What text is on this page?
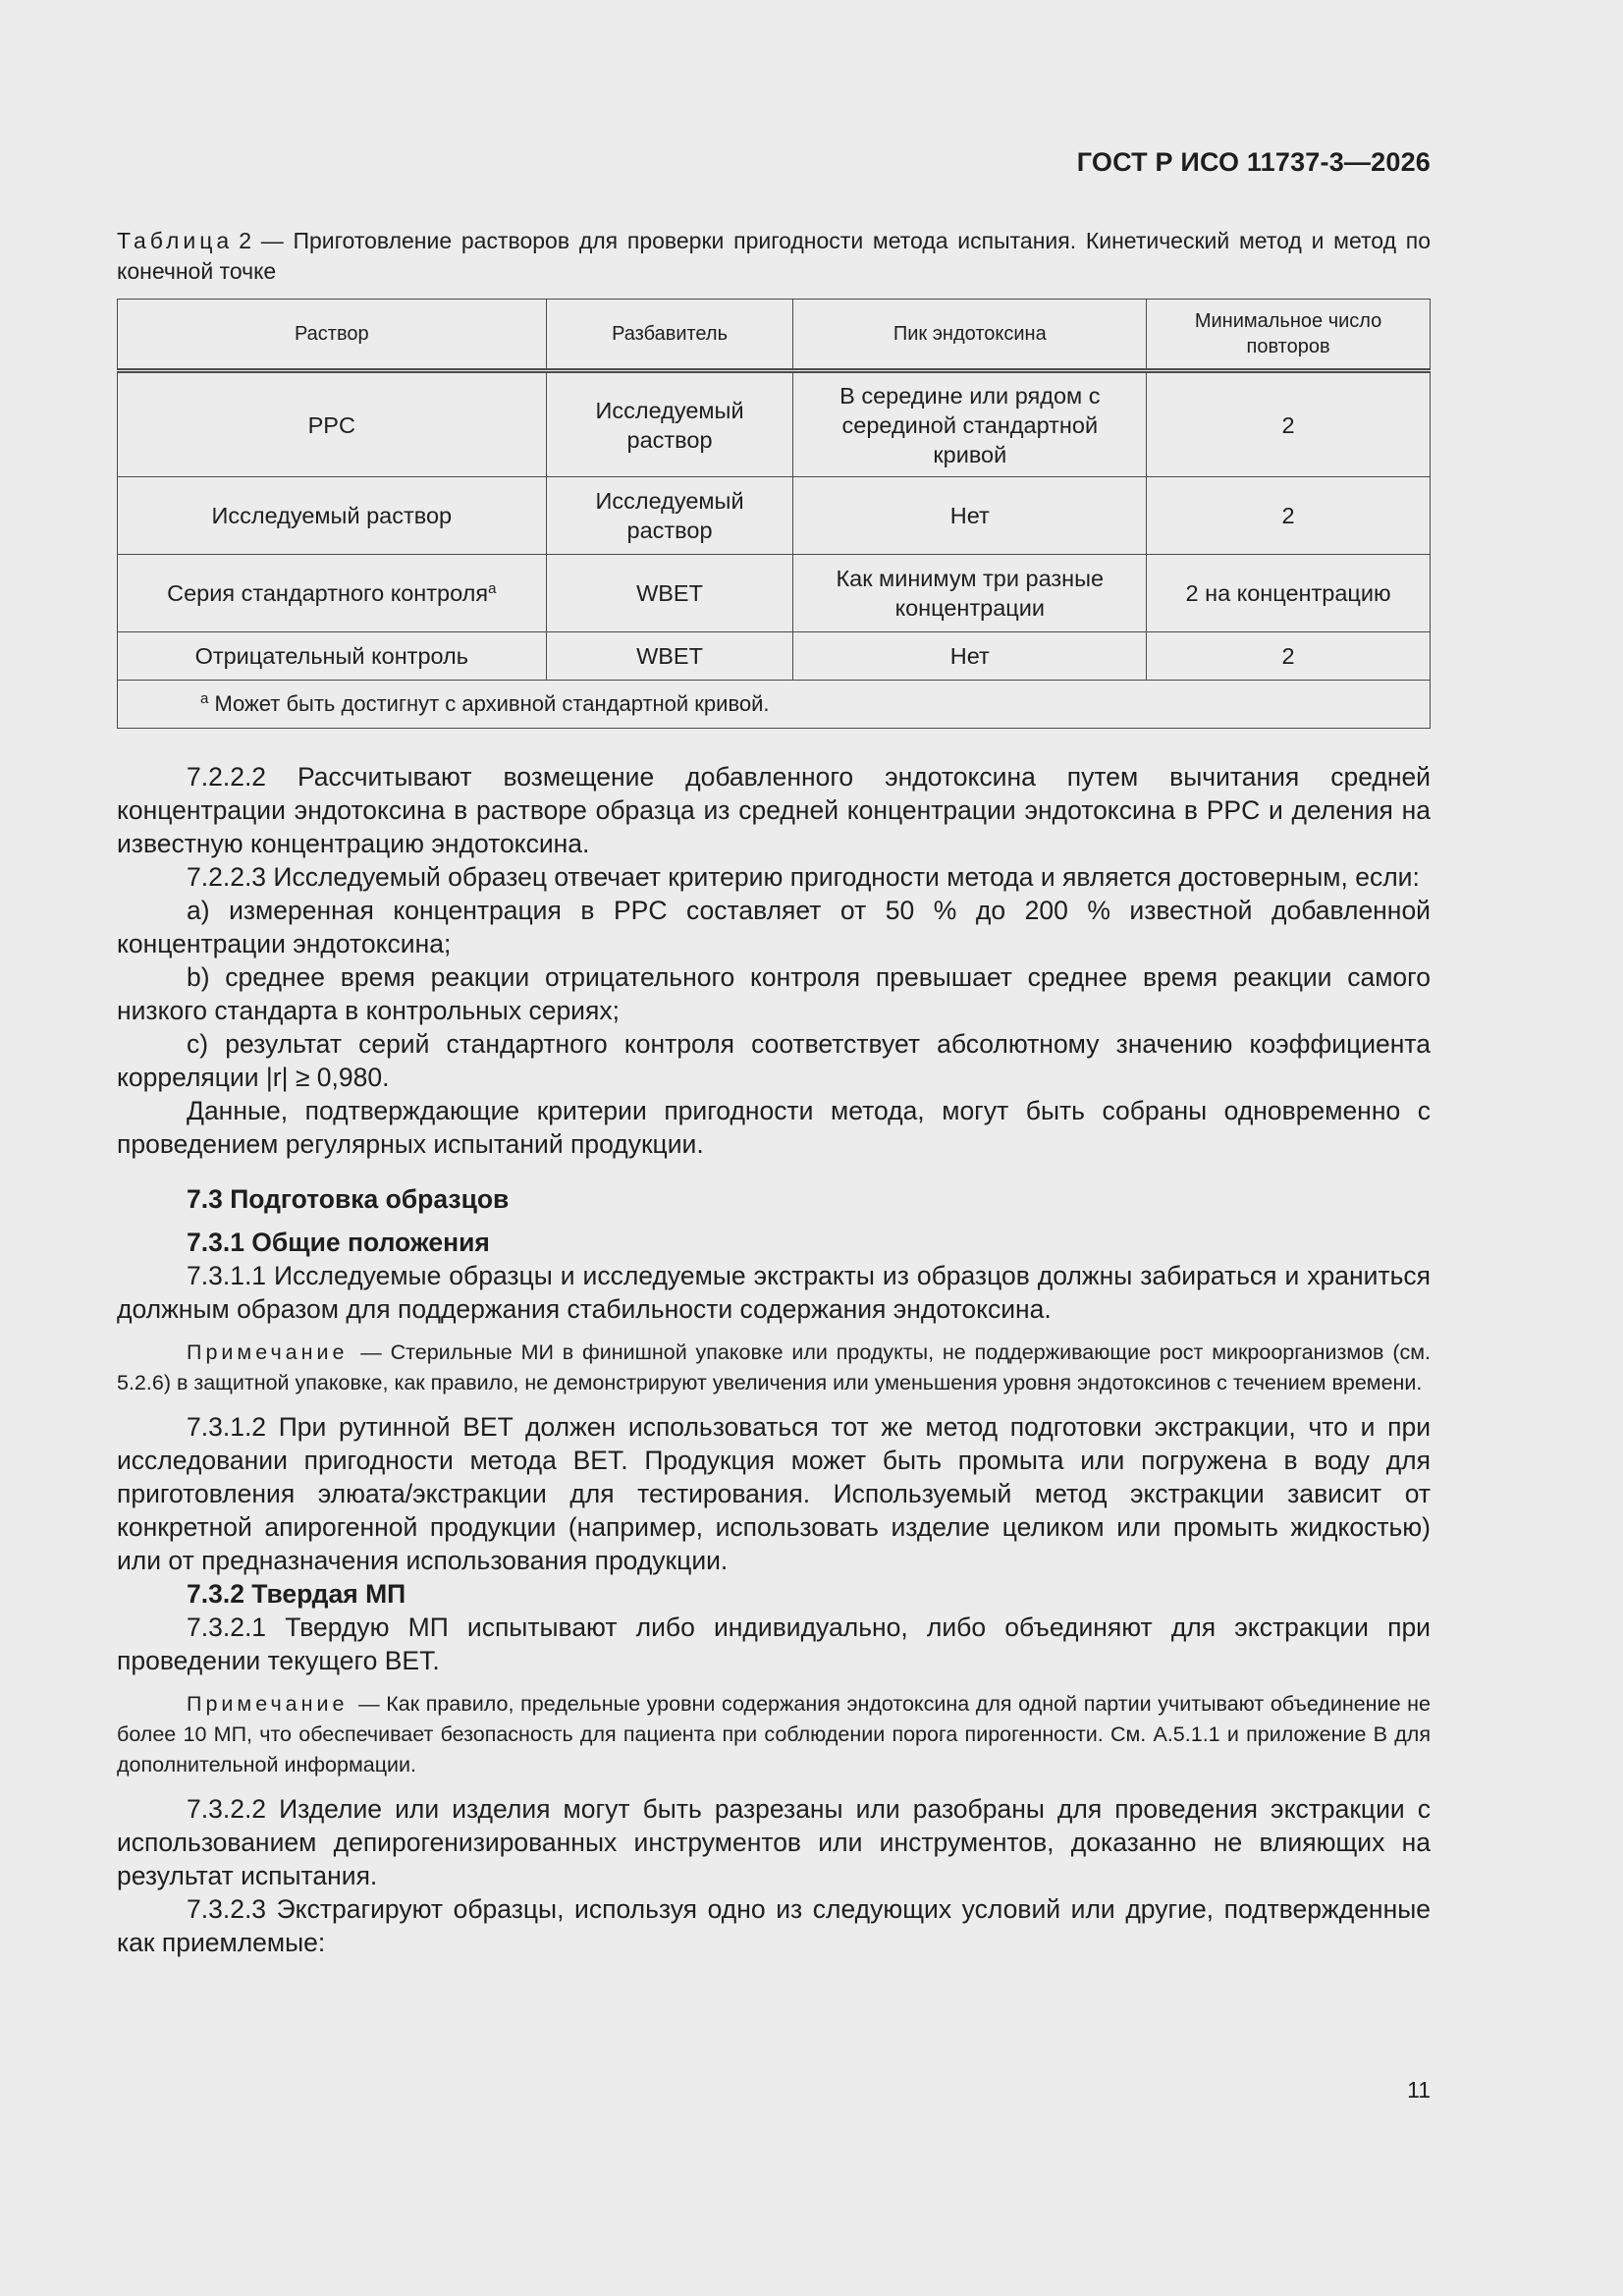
ГОСТ Р ИСО 11737-3—2026

Таблица 2 — Приготовление растворов для проверки пригодности метода испытания. Кинетический метод и метод по конечной точке

Раствор	Разбавитель	Пик эндотоксина	Минимальное число повторов
PPC	Исследуемый раствор	В середине или рядом с серединой стандартной кривой	2
Исследуемый раствор	Исследуемый раствор	Нет	2
Серия стандартного контроля$^a$	WBET	Как минимум три разные концентрации	2 на концентрацию
Отрицательный контроль	WBET	Нет	2
$^a$ Может быть достигнут с архивной стандартной кривой.			

7.2.2.2 Рассчитывают возмещение добавленного эндотоксина путем вычитания средней концентрации эндотоксина в растворе образца из средней концентрации эндотоксина в PPC и деления на известную концентрацию эндотоксина.

7.2.2.3 Исследуемый образец отвечает критерию пригодности метода и является достоверным, если:

a) измеренная концентрация в PPC составляет от 50 % до 200 % известной добавленной концентрации эндотоксина;

b) среднее время реакции отрицательного контроля превышает среднее время реакции самого низкого стандарта в контрольных сериях;

c) результат серий стандартного контроля соответствует абсолютному значению коэффициента корреляции |r| ≥ 0,980.

Данные, подтверждающие критерии пригодности метода, могут быть собраны одновременно с проведением регулярных испытаний продукции.

7.3 Подготовка образцов

7.3.1 Общие положения

7.3.1.1 Исследуемые образцы и исследуемые экстракты из образцов должны забираться и храниться должным образом для поддержания стабильности содержания эндотоксина.

Примечание — Стерильные МИ в финишной упаковке или продукты, не поддерживающие рост микроорганизмов (см. 5.2.6) в защитной упаковке, как правило, не демонстрируют увеличения или уменьшения уровня эндотоксинов с течением времени.

7.3.1.2 При рутинной BET должен использоваться тот же метод подготовки экстракции, что и при исследовании пригодности метода BET. Продукция может быть промыта или погружена в воду для приготовления элюата/экстракции для тестирования. Используемый метод экстракции зависит от конкретной апирогенной продукции (например, использовать изделие целиком или промыть жидкостью) или от предназначения использования продукции.

7.3.2 Твердая МП

7.3.2.1 Твердую МП испытывают либо индивидуально, либо объединяют для экстракции при проведении текущего BET.

Примечание — Как правило, предельные уровни содержания эндотоксина для одной партии учитывают объединение не более 10 МП, что обеспечивает безопасность для пациента при соблюдении порога пирогенности. См. А.5.1.1 и приложение В для дополнительной информации.

7.3.2.2 Изделие или изделия могут быть разрезаны или разобраны для проведения экстракции с использованием депирогенизированных инструментов или инструментов, доказанно не влияющих на результат испытания.

7.3.2.3 Экстрагируют образцы, используя одно из следующих условий или другие, подтвержденные как приемлемые:

11
